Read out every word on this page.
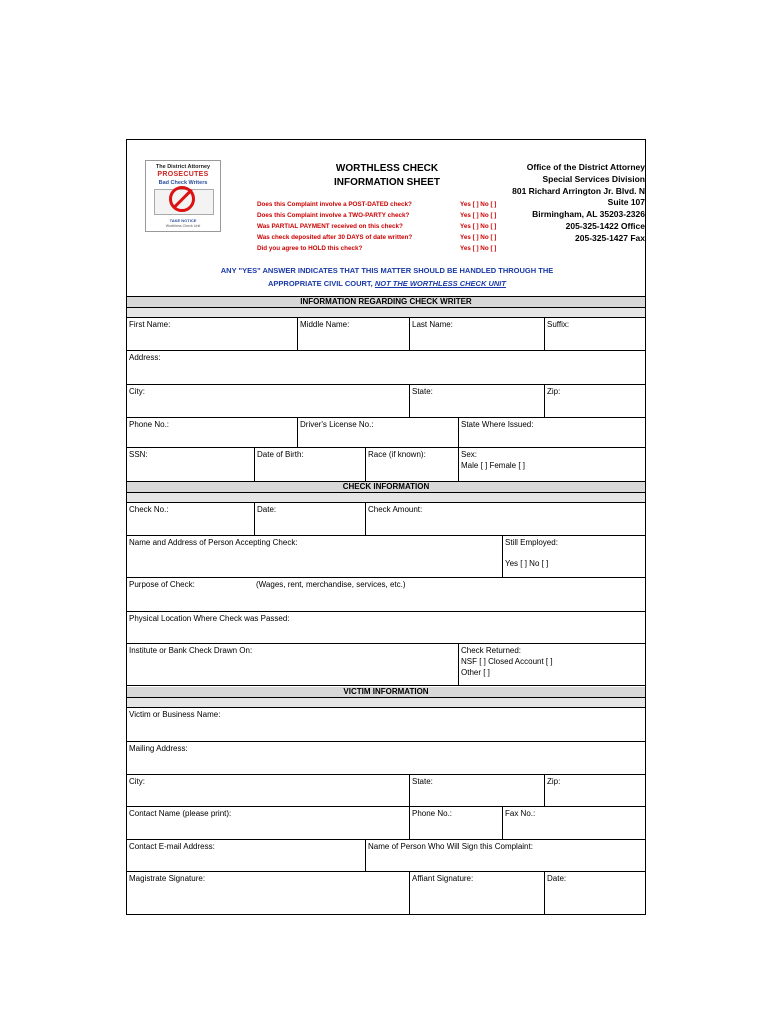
The District Attorney
PROSECUTES
Bad Check Writers
TAKE NOTICE
Worthless Check Unit
WORTHLESS CHECK
INFORMATION SHEET
Office of the District Attorney
Special Services Division
801 Richard Arrington Jr. Blvd. N
Suite 107
Birmingham, AL 35203-2326
205-325-1422 Office
205-325-1427 Fax
Does this Complaint involve a POST-DATED check?	Yes [ ] No [ ]
Does this Complaint involve a TWO-PARTY check?	Yes [ ] No [ ]
Was PARTIAL PAYMENT received on this check?	Yes [ ] No [ ]
Was check deposited after 30 DAYS of date written?	Yes [ ] No [ ]
Did you agree to HOLD this check?	Yes [ ] No [ ]
ANY "YES" ANSWER INDICATES THAT THIS MATTER SHOULD BE HANDLED THROUGH THE
APPROPRIATE CIVIL COURT, NOT THE WORTHLESS CHECK UNIT
INFORMATION REGARDING CHECK WRITER
First Name:	Middle Name:	Last Name:	Suffix:
Address:
City:	State:	Zip:
Phone No.:	Driver's License No.:	State Where Issued:
SSN:	Date of Birth:	Race (if known):	Sex:
Male [ ] Female [ ]
CHECK INFORMATION
Check No.:	Date:	Check Amount:
Name and Address of Person Accepting Check:	Still Employed:
Yes [ ] No [ ]
Purpose of Check:	(Wages, rent, merchandise, services, etc.)
Physical Location Where Check was Passed:
Institute or Bank Check Drawn On:	Check Returned:
NSF [ ] Closed Account [ ]
Other [ ]
VICTIM INFORMATION
Victim or Business Name:
Mailing Address:
City:	State:	Zip:
Contact Name (please print):	Phone No.:	Fax No.:
Contact E-mail Address:	Name of Person Who Will Sign this Complaint:
Magistrate Signature:	Affiant Signature:	Date:
